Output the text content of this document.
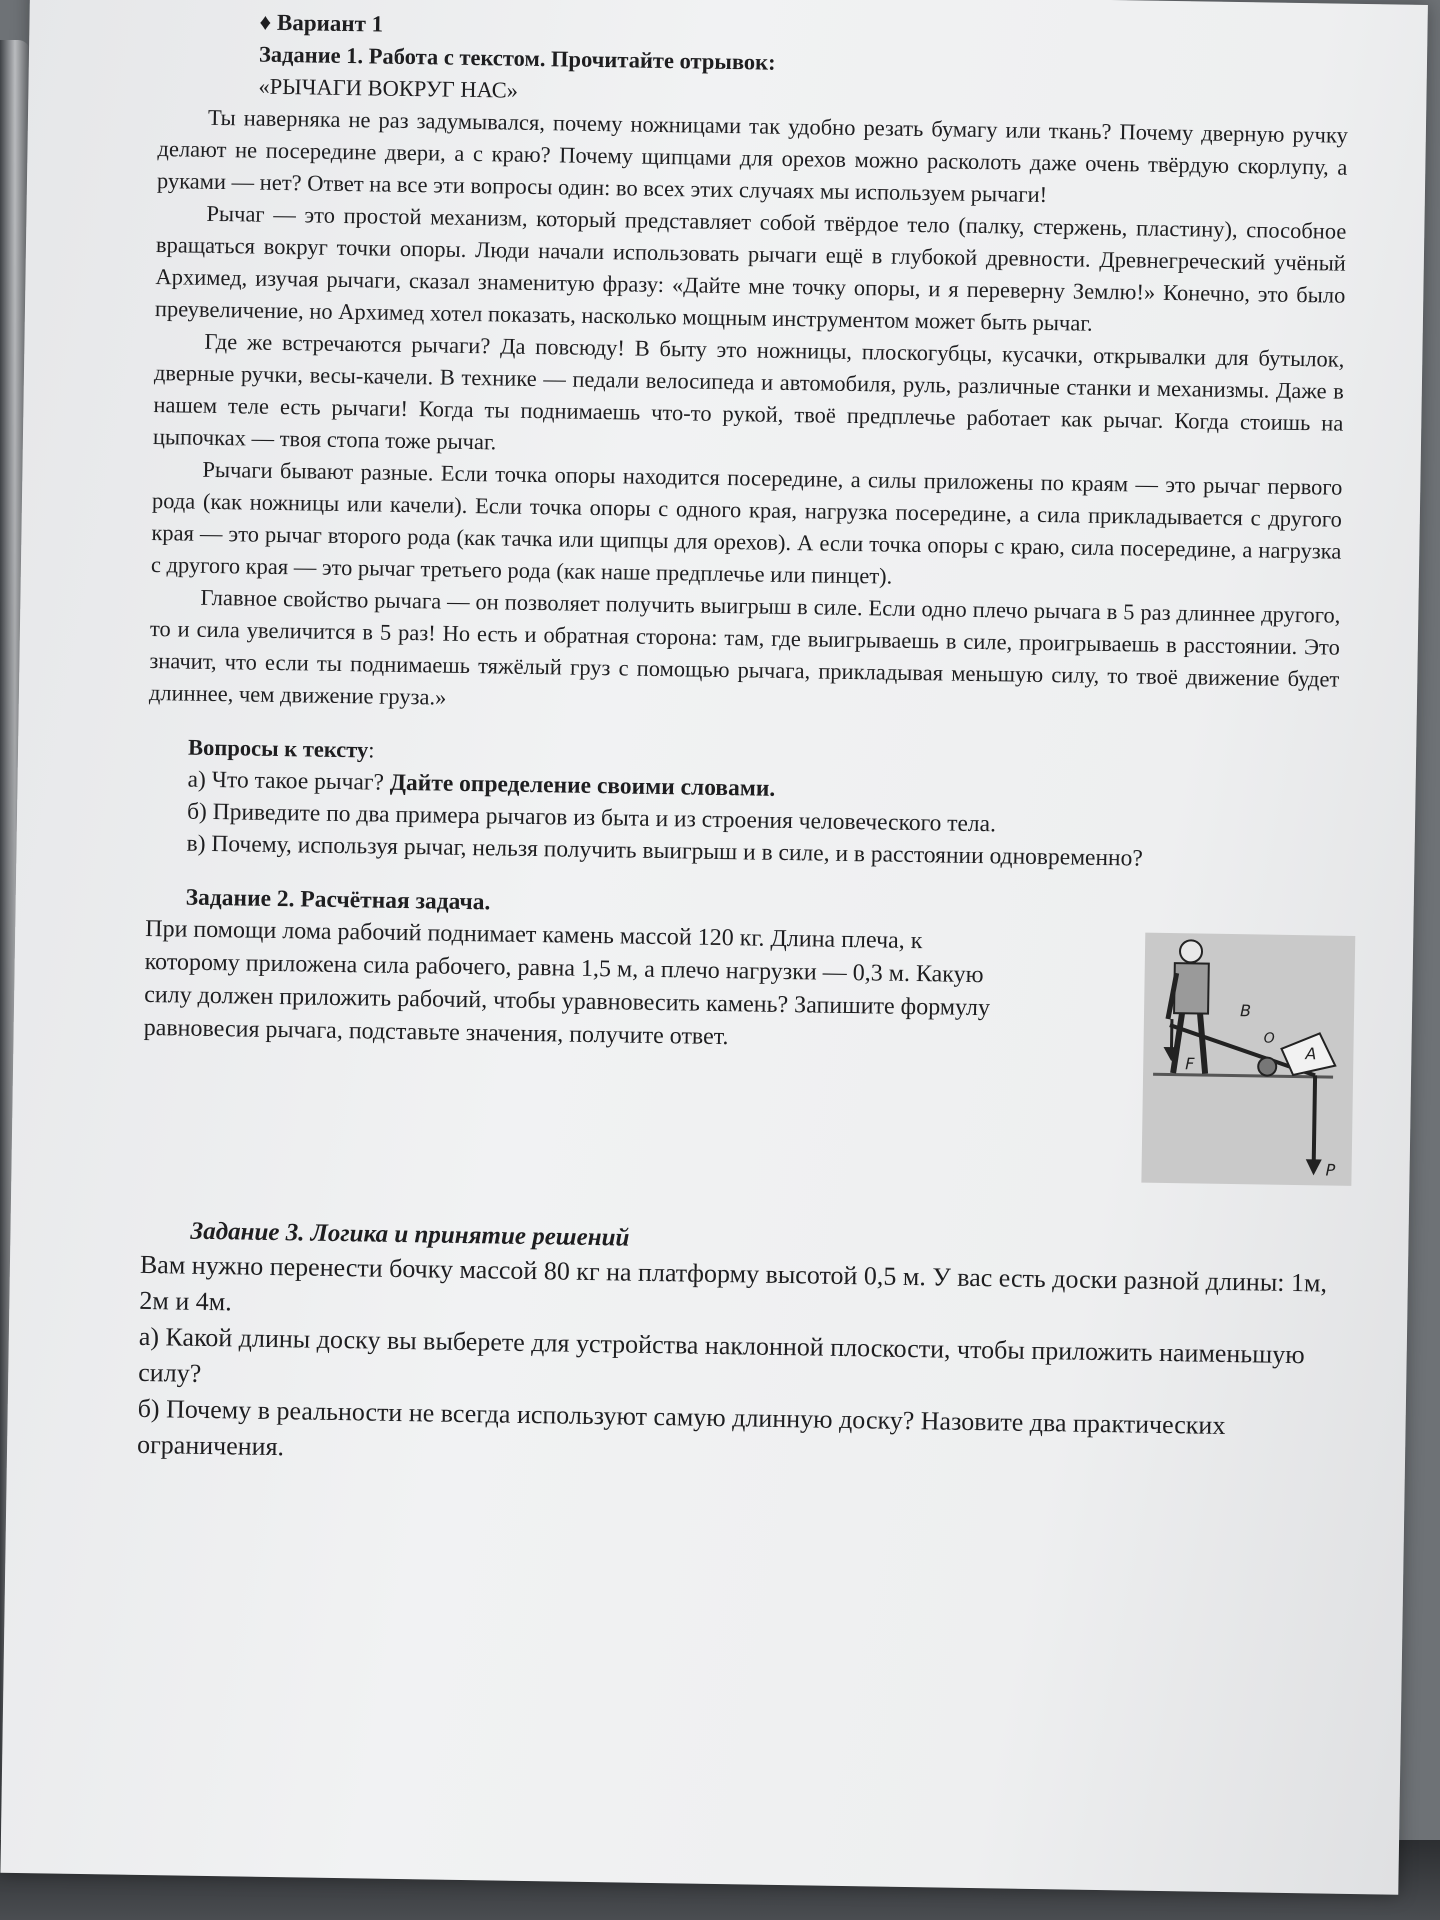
♦ Вариант 1
Задание 1. Работа с текстом. Прочитайте отрывок:
«РЫЧАГИ ВОКРУГ НАС»

Ты наверняка не раз задумывался, почему ножницами так удобно резать бумагу или ткань? Почему дверную ручку делают не посередине двери, а с краю? Почему щипцами для орехов можно расколоть даже очень твёрдую скорлупу, а руками — нет? Ответ на все эти вопросы один: во всех этих случаях мы используем рычаги!

Рычаг — это простой механизм, который представляет собой твёрдое тело (палку, стержень, пластину), способное вращаться вокруг точки опоры. Люди начали использовать рычаги ещё в глубокой древности. Древнегреческий учёный Архимед, изучая рычаги, сказал знаменитую фразу: «Дайте мне точку опоры, и я переверну Землю!» Конечно, это было преувеличение, но Архимед хотел показать, насколько мощным инструментом может быть рычаг.

Где же встречаются рычаги? Да повсюду! В быту это ножницы, плоскогубцы, кусачки, открывалки для бутылок, дверные ручки, весы-качели. В технике — педали велосипеда и автомобиля, руль, различные станки и механизмы. Даже в нашем теле есть рычаги! Когда ты поднимаешь что-то рукой, твоё предплечье работает как рычаг. Когда стоишь на цыпочках — твоя стопа тоже рычаг.

Рычаги бывают разные. Если точка опоры находится посередине, а силы приложены по краям — это рычаг первого рода (как ножницы или качели). Если точка опоры с одного края, нагрузка посередине, а сила прикладывается с другого края — это рычаг второго рода (как тачка или щипцы для орехов). А если точка опоры с краю, сила посередине, а нагрузка с другого края — это рычаг третьего рода (как наше предплечье или пинцет).

Главное свойство рычага — он позволяет получить выигрыш в силе. Если одно плечо рычага в 5 раз длиннее другого, то и сила увеличится в 5 раз! Но есть и обратная сторона: там, где выигрываешь в силе, проигрываешь в расстоянии. Это значит, что если ты поднимаешь тяжёлый груз с помощью рычага, прикладывая меньшую силу, то твоё движение будет длиннее, чем движение груза.»

Вопросы к тексту:

а) Что такое рычаг? Дайте определение своими словами.

б) Приведите по два примера рычагов из быта и из строения человеческого тела.

в) Почему, используя рычаг, нельзя получить выигрыш и в силе, и в расстоянии одновременно?

Задание 2. Расчётная задача.
При помощи лома рабочий поднимает камень массой 120 кг. Длина плеча, к которому приложена сила рабочего, равна 1,5 м, а плечо нагрузки — 0,3 м. Какую силу должен приложить рабочий, чтобы уравновесить камень? Запишите формулу равновесия рычага, подставьте значения, получите ответ.
B
O
A
F
P
Задание 3. Логика и принятие решений

Вам нужно перенести бочку массой 80 кг на платформу высотой 0,5 м. У вас есть доски разной длины: 1м, 2м и 4м.

а) Какой длины доску вы выберете для устройства наклонной плоскости, чтобы приложить наименьшую силу?

б) Почему в реальности не всегда используют самую длинную доску? Назовите два практических ограничения.
